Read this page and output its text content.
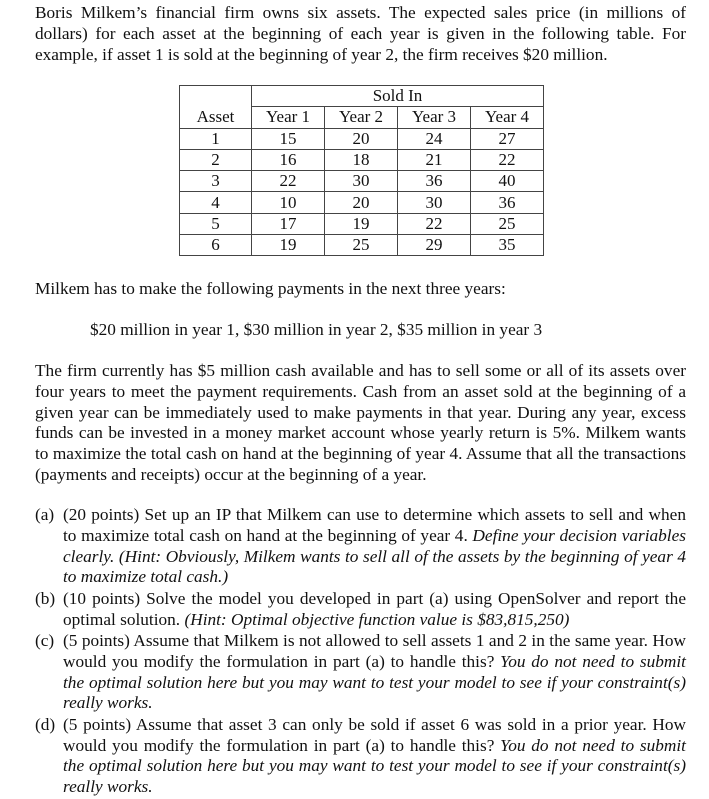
Boris Milkem’s financial firm owns six assets. The expected sales price (in millions of dollars) for each asset at the beginning of each year is given in the following table. For example, if asset 1 is sold at the beginning of year 2, the firm receives $20 million.

	Sold In			
Asset	Year 1	Year 2	Year 3	Year 4
1	15	20	24	27
2	16	18	21	22
3	22	30	36	40
4	10	20	30	36
5	17	19	22	25
6	19	25	29	35

Milkem has to make the following payments in the next three years:

$20 million in year 1, $30 million in year 2, $35 million in year 3

The firm currently has $5 million cash available and has to sell some or all of its assets over four years to meet the payment requirements. Cash from an asset sold at the beginning of a given year can be immediately used to make payments in that year. During any year, excess funds can be invested in a money market account whose yearly return is 5%. Milkem wants to maximize the total cash on hand at the beginning of year 4. Assume that all the transactions (payments and receipts) occur at the beginning of a year.

(a) (20 points) Set up an IP that Milkem can use to determine which assets to sell and when to maximize total cash on hand at the beginning of year 4. Define your decision variables clearly. (Hint: Obviously, Milkem wants to sell all of the assets by the beginning of year 4 to maximize total cash.)
(b) (10 points) Solve the model you developed in part (a) using OpenSolver and report the optimal solution. (Hint: Optimal objective function value is $83,815,250)
(c) (5 points) Assume that Milkem is not allowed to sell assets 1 and 2 in the same year. How would you modify the formulation in part (a) to handle this? You do not need to submit the optimal solution here but you may want to test your model to see if your constraint(s) really works.
(d) (5 points) Assume that asset 3 can only be sold if asset 6 was sold in a prior year. How would you modify the formulation in part (a) to handle this? You do not need to submit the optimal solution here but you may want to test your model to see if your constraint(s) really works.
